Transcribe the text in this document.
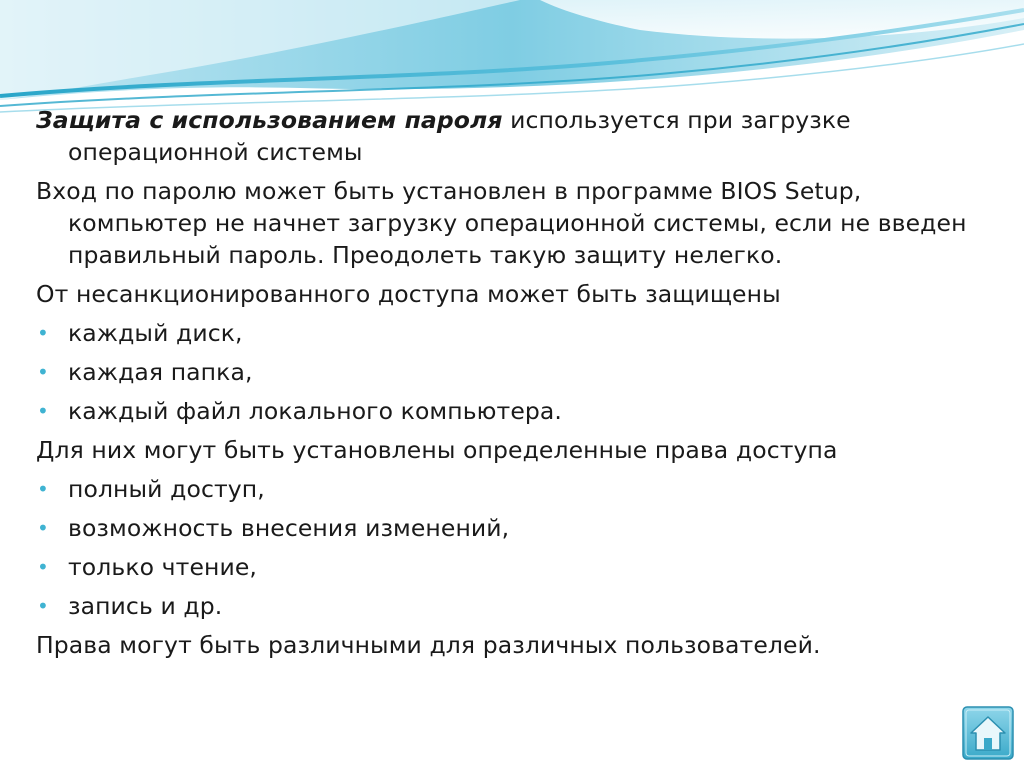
Защита с использованием пароля используется при загрузке операционной системы
Вход по паролю может быть установлен в программе BIOS Setup, компьютер не начнет загрузку операционной системы, если не введен правильный пароль. Преодолеть такую защиту нелегко.
От несанкционированного доступа может быть защищены
• каждый диск,
• каждая папка,
• каждый файл локального компьютера.
Для них могут быть установлены определенные права доступа
• полный доступ,
• возможность внесения изменений,
• только чтение,
• запись и др.
Права могут быть различными для различных пользователей.
